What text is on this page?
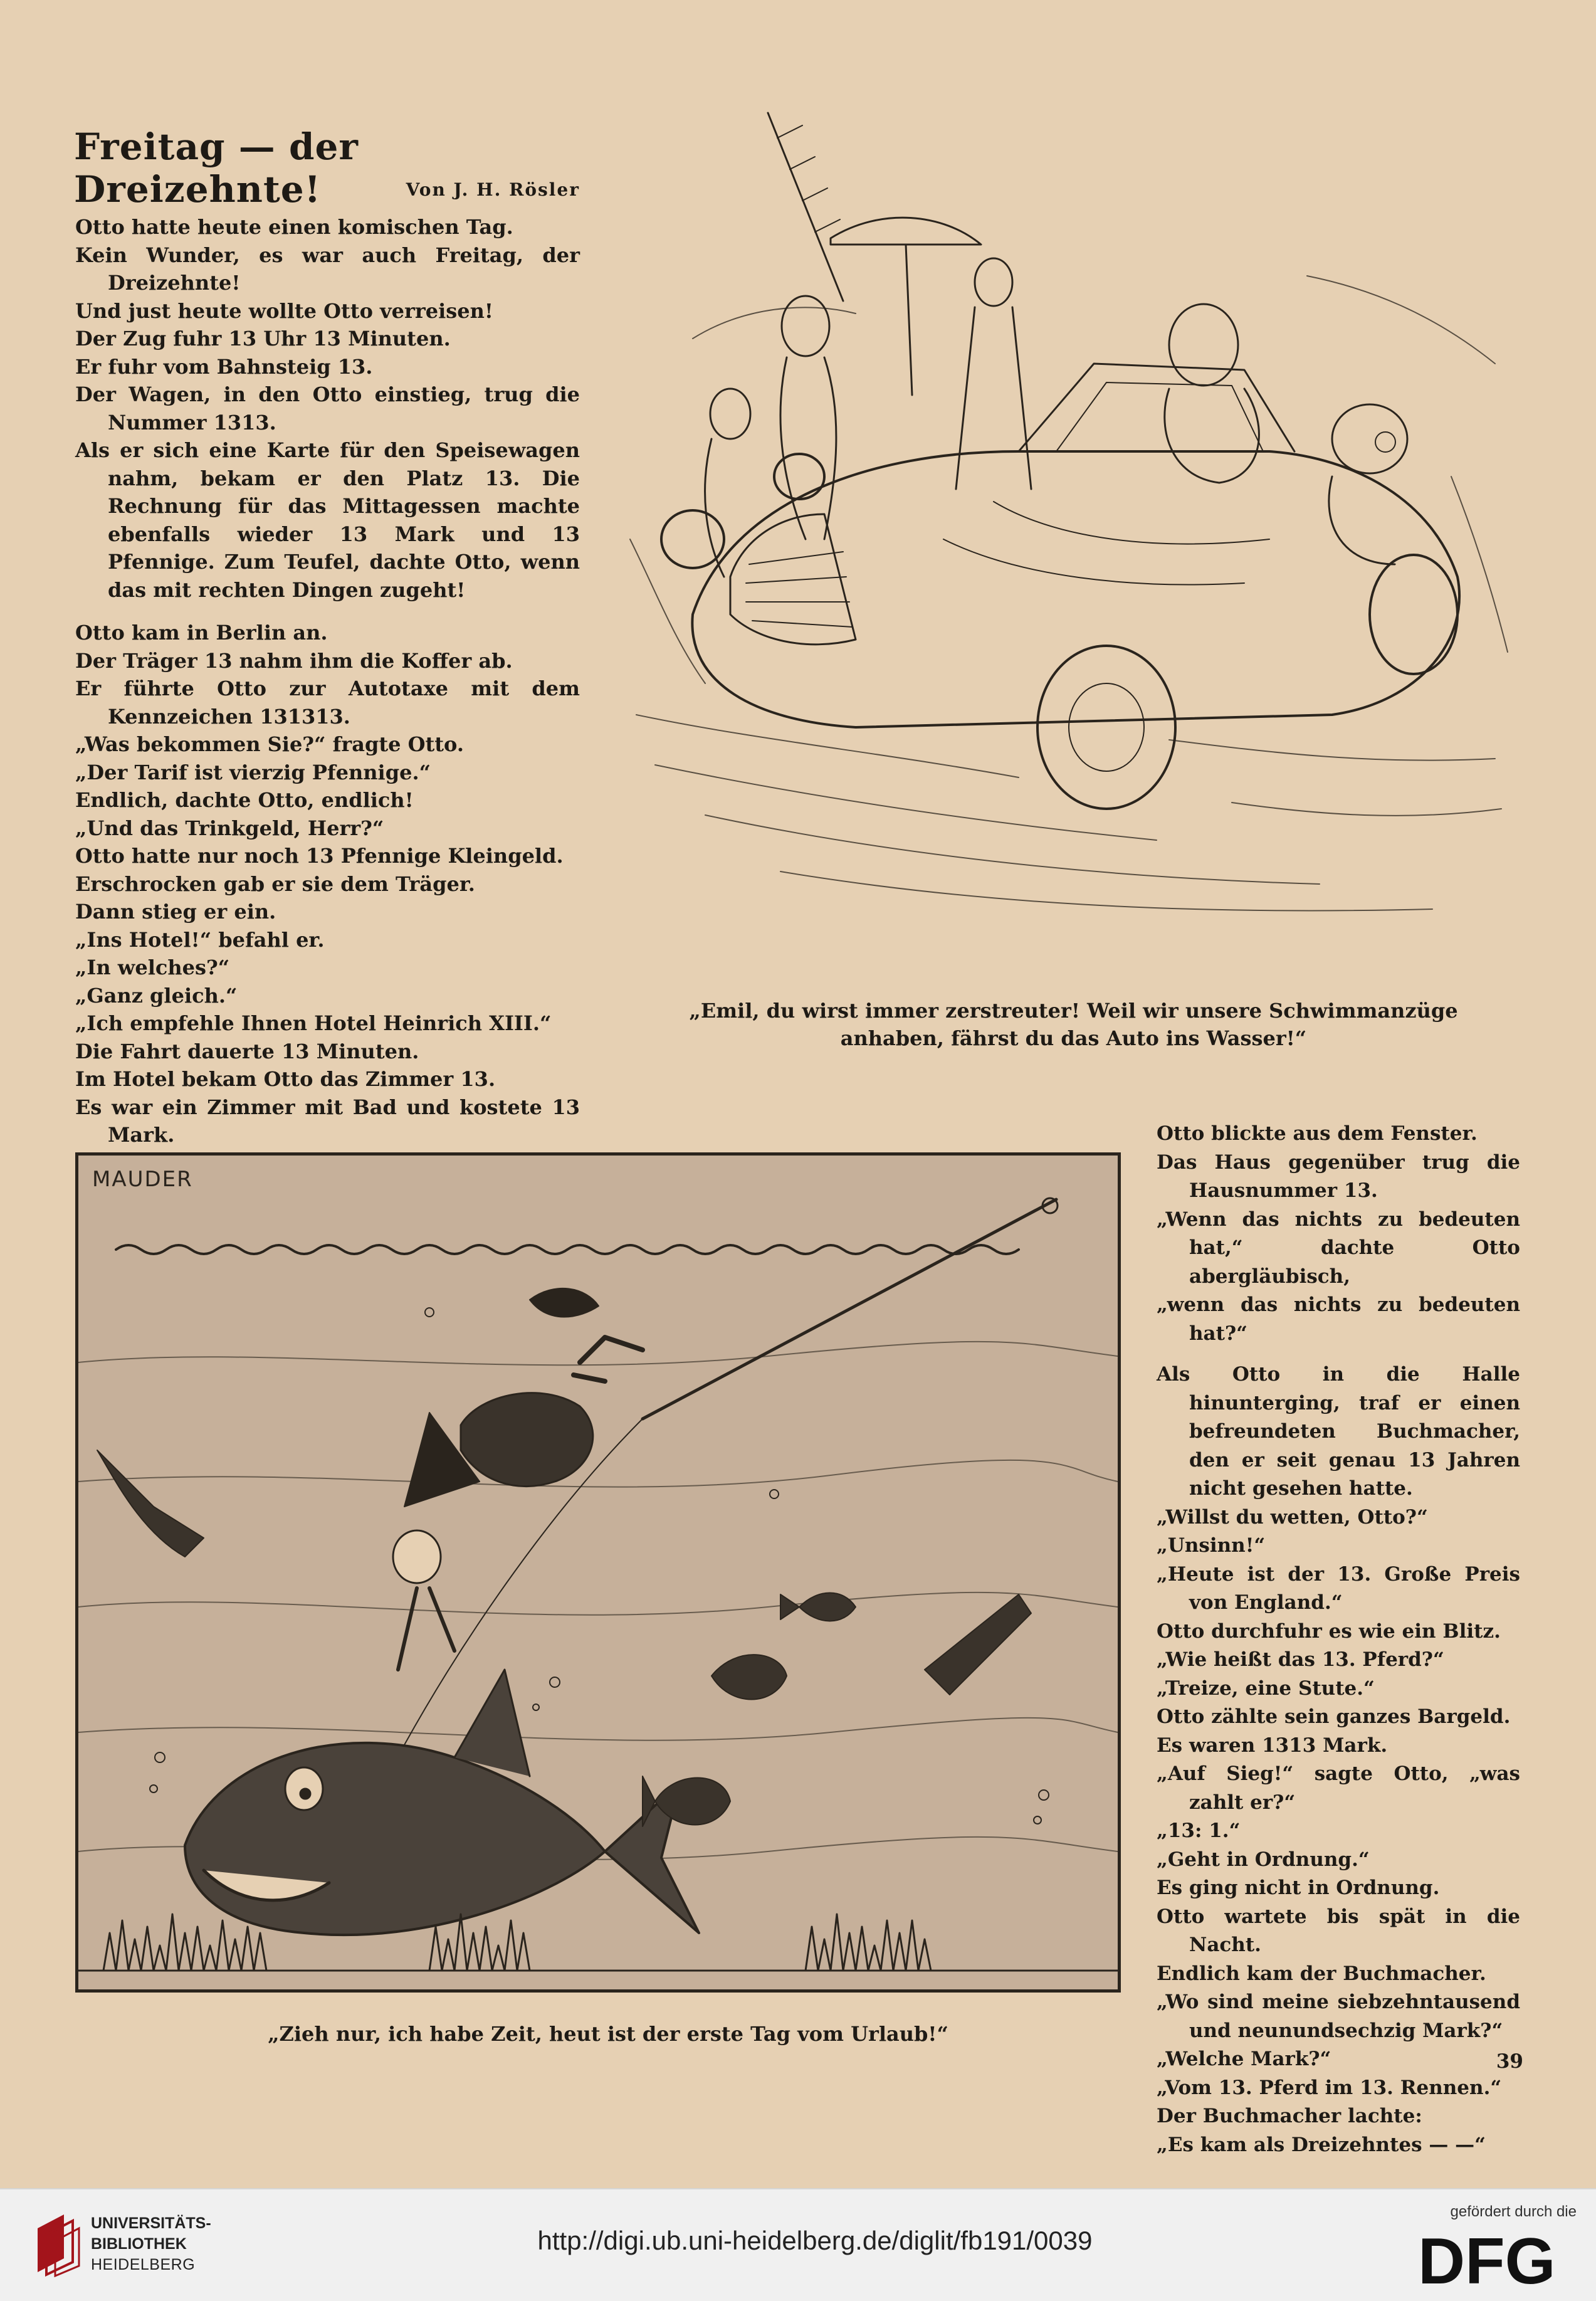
Freitag — der Dreizehnte!	Von J. H. Rösler

Otto hatte heute einen komischen Tag.

Kein Wunder, es war auch Freitag, der Dreizehnte!

Und just heute wollte Otto verreisen!

Der Zug fuhr 13 Uhr 13 Minuten.

Er fuhr vom Bahnsteig 13.

Der Wagen, in den Otto einstieg, trug die Nummer 1313.

Als er sich eine Karte für den Speisewagen nahm, bekam er den Platz 13. Die Rechnung für das Mittagessen machte ebenfalls wieder 13 Mark und 13 Pfennige. Zum Teufel, dachte Otto, wenn das mit rechten Dingen zugeht!

Otto kam in Berlin an.

Der Träger 13 nahm ihm die Koffer ab.

Er führte Otto zur Autotaxe mit dem Kennzeichen 131313.

„Was bekommen Sie?“ fragte Otto.

„Der Tarif ist vierzig Pfennige.“

Endlich, dachte Otto, endlich!

„Und das Trinkgeld, Herr?“

Otto hatte nur noch 13 Pfennige Kleingeld.

Erschrocken gab er sie dem Träger.

Dann stieg er ein.

„Ins Hotel!“ befahl er.

„In welches?“

„Ganz gleich.“

„Ich empfehle Ihnen Hotel Heinrich XIII.“

Die Fahrt dauerte 13 Minuten.

Im Hotel bekam Otto das Zimmer 13.

Es war ein Zimmer mit Bad und kostete 13 Mark.

„Emil, du wirst immer zerstreuter! Weil wir unsere Schwimmanzüge anhaben, fährst du das Auto ins Wasser!“

MAUDER

„Zieh nur, ich habe Zeit, heut ist der erste Tag vom Urlaub!“

Otto blickte aus dem Fenster.

Das Haus gegenüber trug die Hausnummer 13.

„Wenn das nichts zu bedeuten hat,“ dachte Otto abergläubisch,

„wenn das nichts zu bedeuten hat?“

Als Otto in die Halle hinunterging, traf er einen befreundeten Buchmacher, den er seit genau 13 Jahren nicht gesehen hatte.

„Willst du wetten, Otto?“

„Unsinn!“

„Heute ist der 13. Große Preis von England.“

Otto durchfuhr es wie ein Blitz.

„Wie heißt das 13. Pferd?“

„Treize, eine Stute.“

Otto zählte sein ganzes Bargeld.

Es waren 1313 Mark.

„Auf Sieg!“ sagte Otto, „was zahlt er?“

„13: 1.“

„Geht in Ordnung.“

Es ging nicht in Ordnung.

Otto wartete bis spät in die Nacht.

Endlich kam der Buchmacher.

„Wo sind meine siebzehntausend und neunundsechzig Mark?“

„Welche Mark?“

„Vom 13. Pferd im 13. Rennen.“

Der Buchmacher lachte:

„Es kam als Dreizehntes — —“

39
UNIVERSITÄTS-
BIBLIOTHEK
HEIDELBERG
http://digi.ub.uni-heidelberg.de/diglit/fb191/0039
gefördert durch die
DFG
